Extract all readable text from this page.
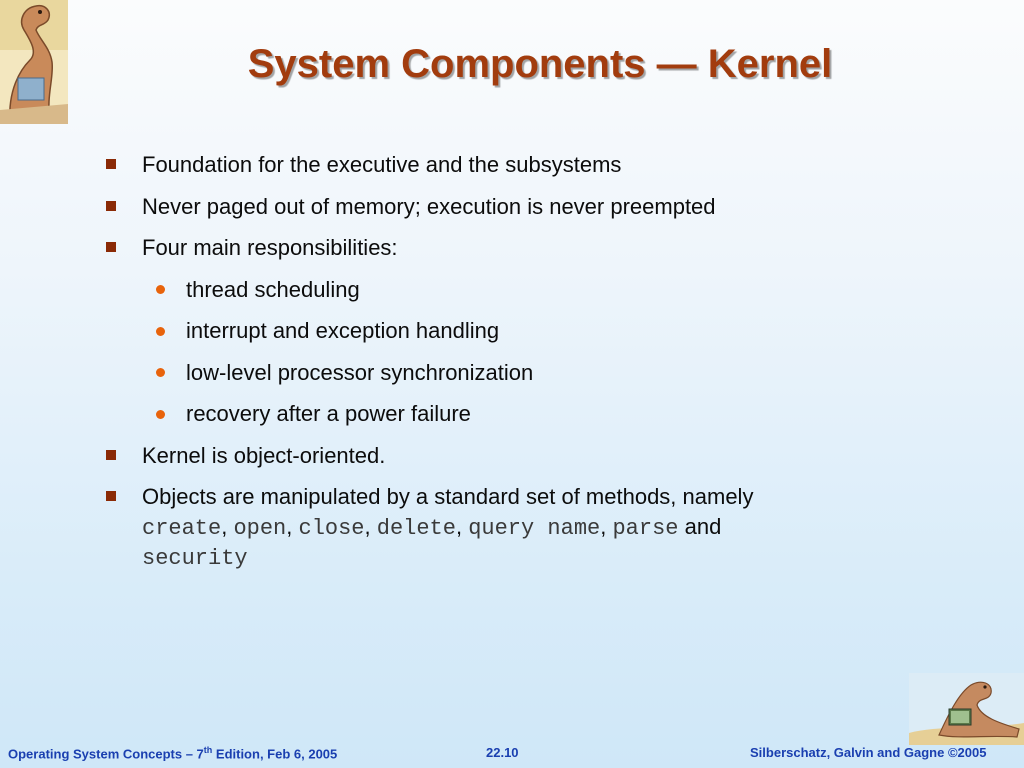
System Components — Kernel
Foundation for the executive and the subsystems
Never paged out of memory; execution is never preempted
Four main responsibilities:
thread scheduling
interrupt and exception handling
low-level processor synchronization
recovery after a power failure
Kernel is object-oriented.
Objects are manipulated by a standard set of methods, namely
create, open, close, delete, query name, parse and
security
Operating System Concepts – 7th Edition, Feb 6, 2005	22.10	Silberschatz, Galvin and Gagne ©2005
